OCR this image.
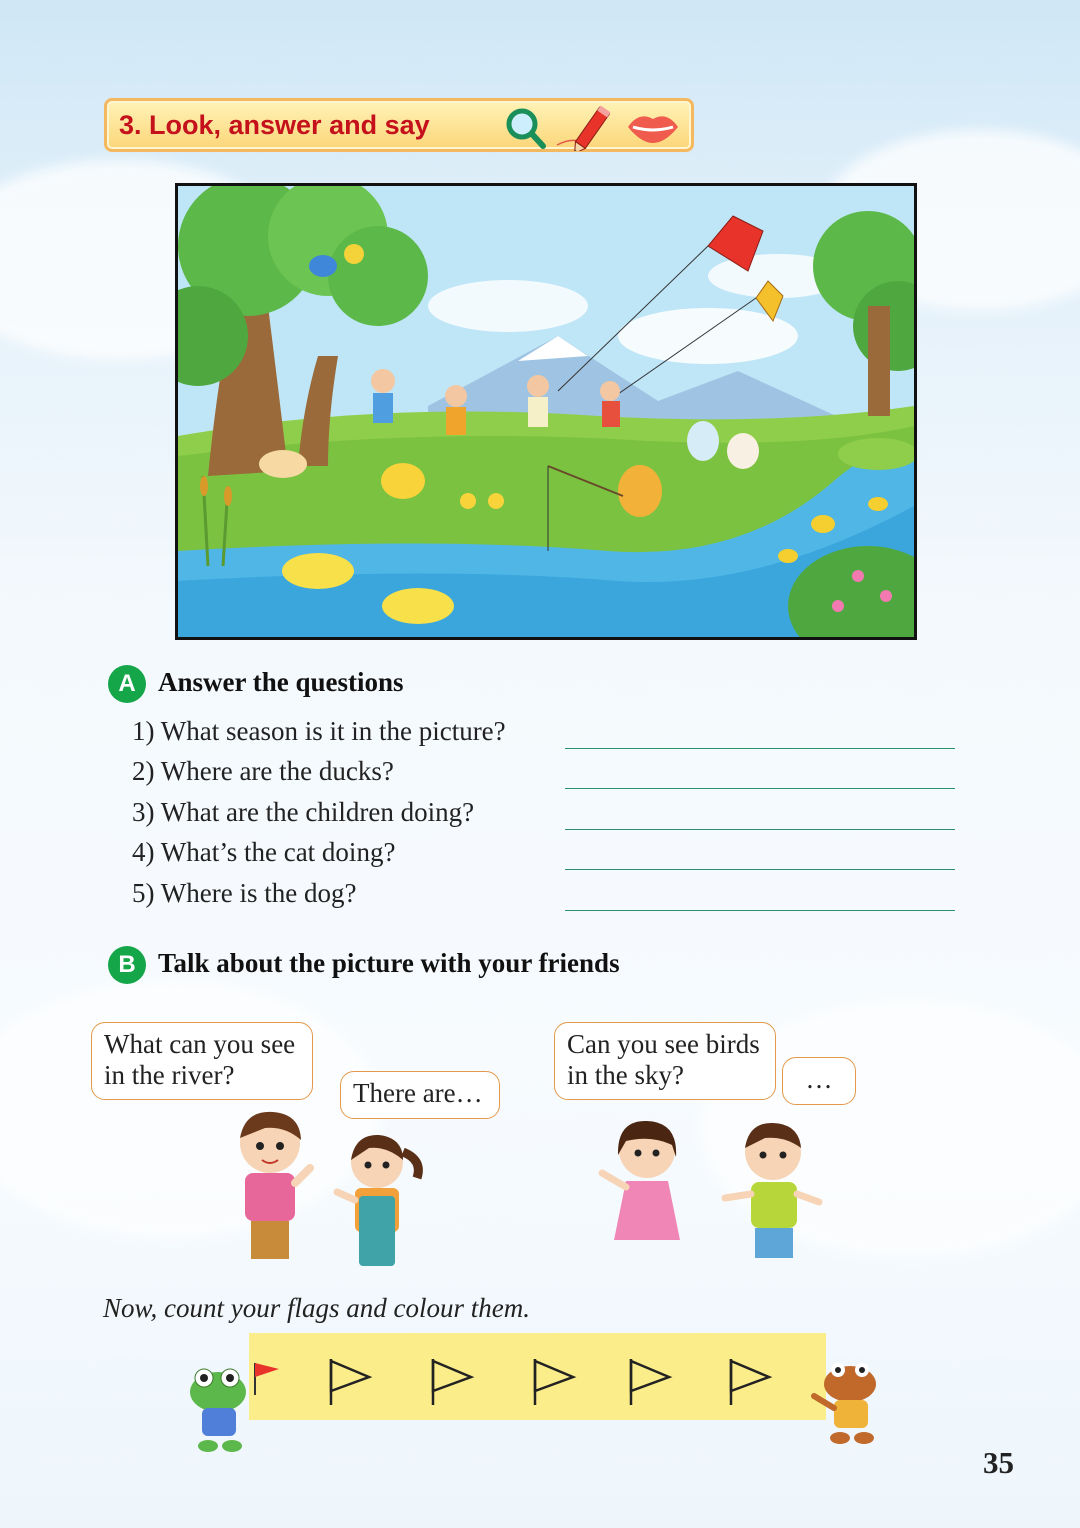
3. Look, answer and say
A Answer the questions
1) What season is it in the picture?
2) Where are the ducks?
3) What are the children doing?
4) What’s the cat doing?
5) Where is the dog?
B Talk about the picture with your friends
What can you see in the river?
There are…
Can you see birds in the sky?	…
Now, count your flags and colour them.
35
